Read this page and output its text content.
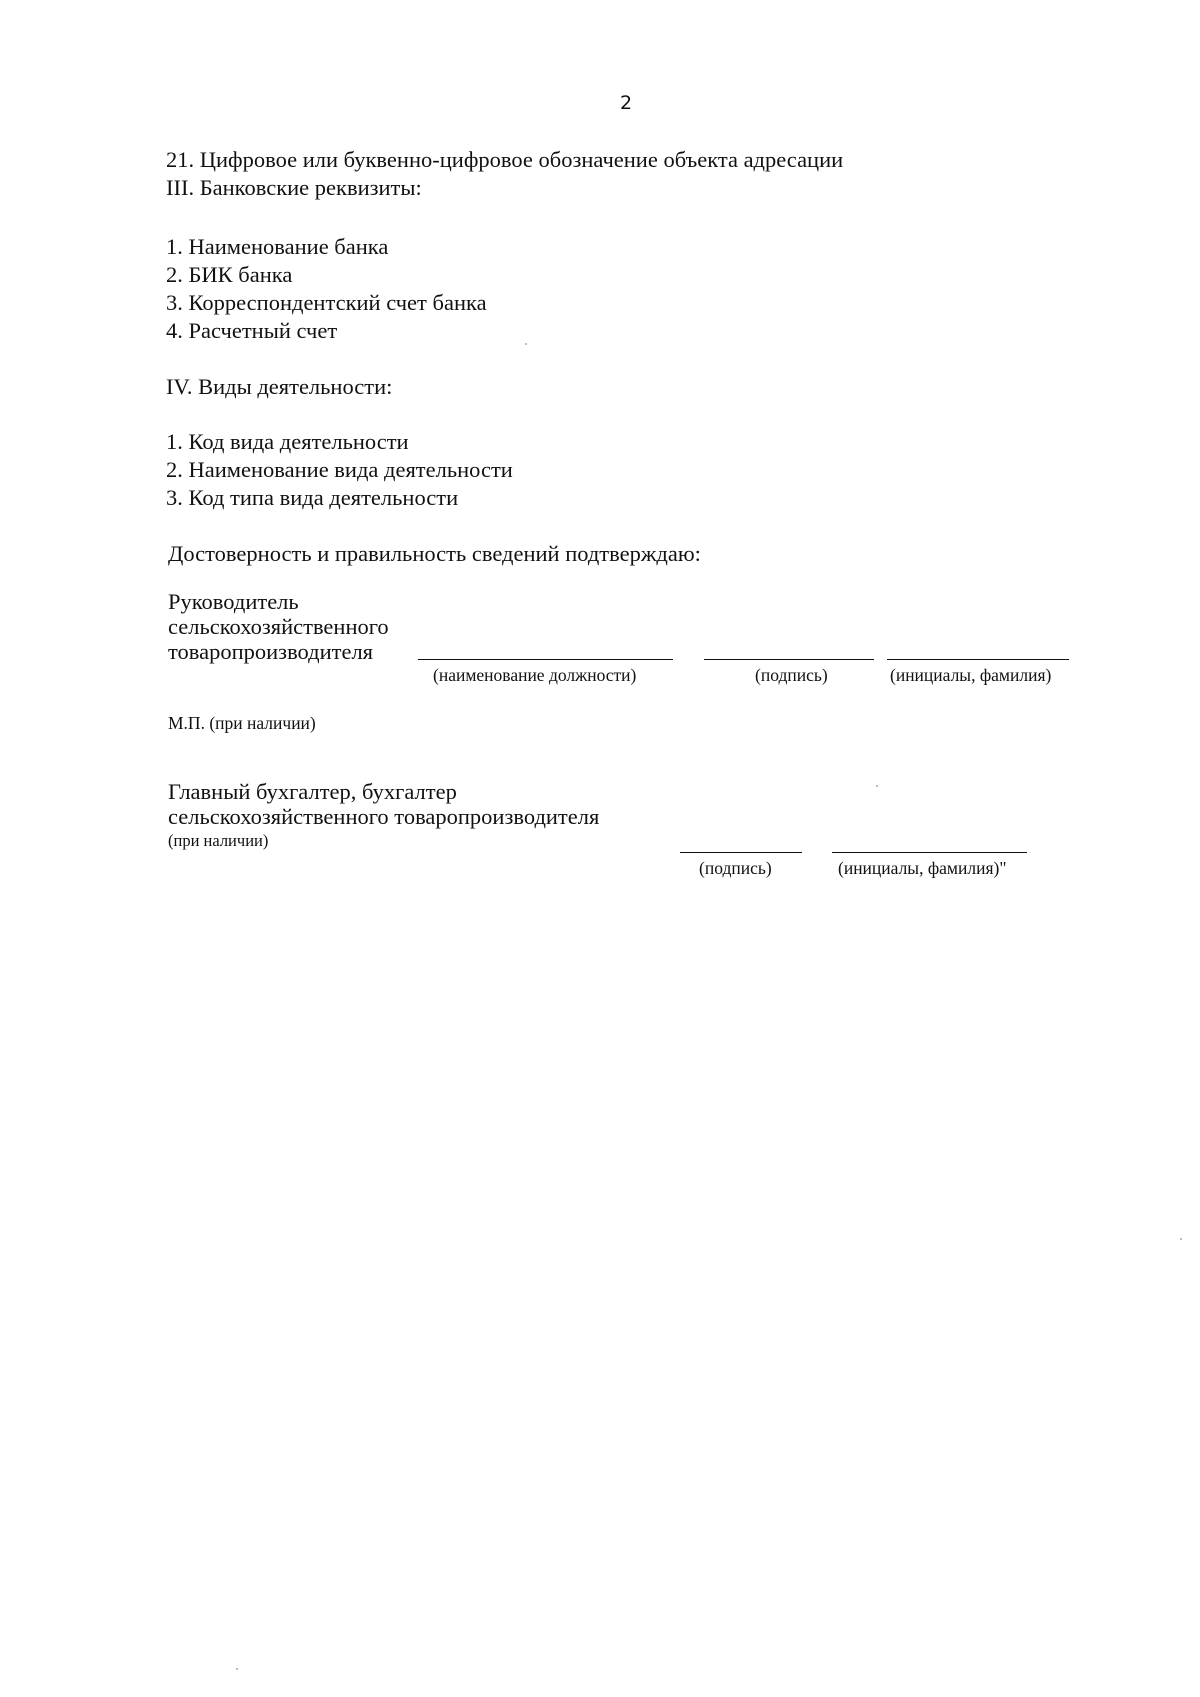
2
21. Цифровое или буквенно-цифровое обозначение объекта адресации
III. Банковские реквизиты:
1. Наименование банка
2. БИК банка
3. Корреспондентский счет банка
4. Расчетный счет
IV. Виды деятельности:
1. Код вида деятельности
2. Наименование вида деятельности
3. Код типа вида деятельности
Достоверность и правильность сведений подтверждаю:
Руководитель
сельскохозяйственного
товаропроизводителя
(наименование должности)	(подпись)	(инициалы, фамилия)
М.П. (при наличии)
Главный бухгалтер, бухгалтер
сельскохозяйственного товаропроизводителя
(при наличии)
(подпись)	(инициалы, фамилия)"
